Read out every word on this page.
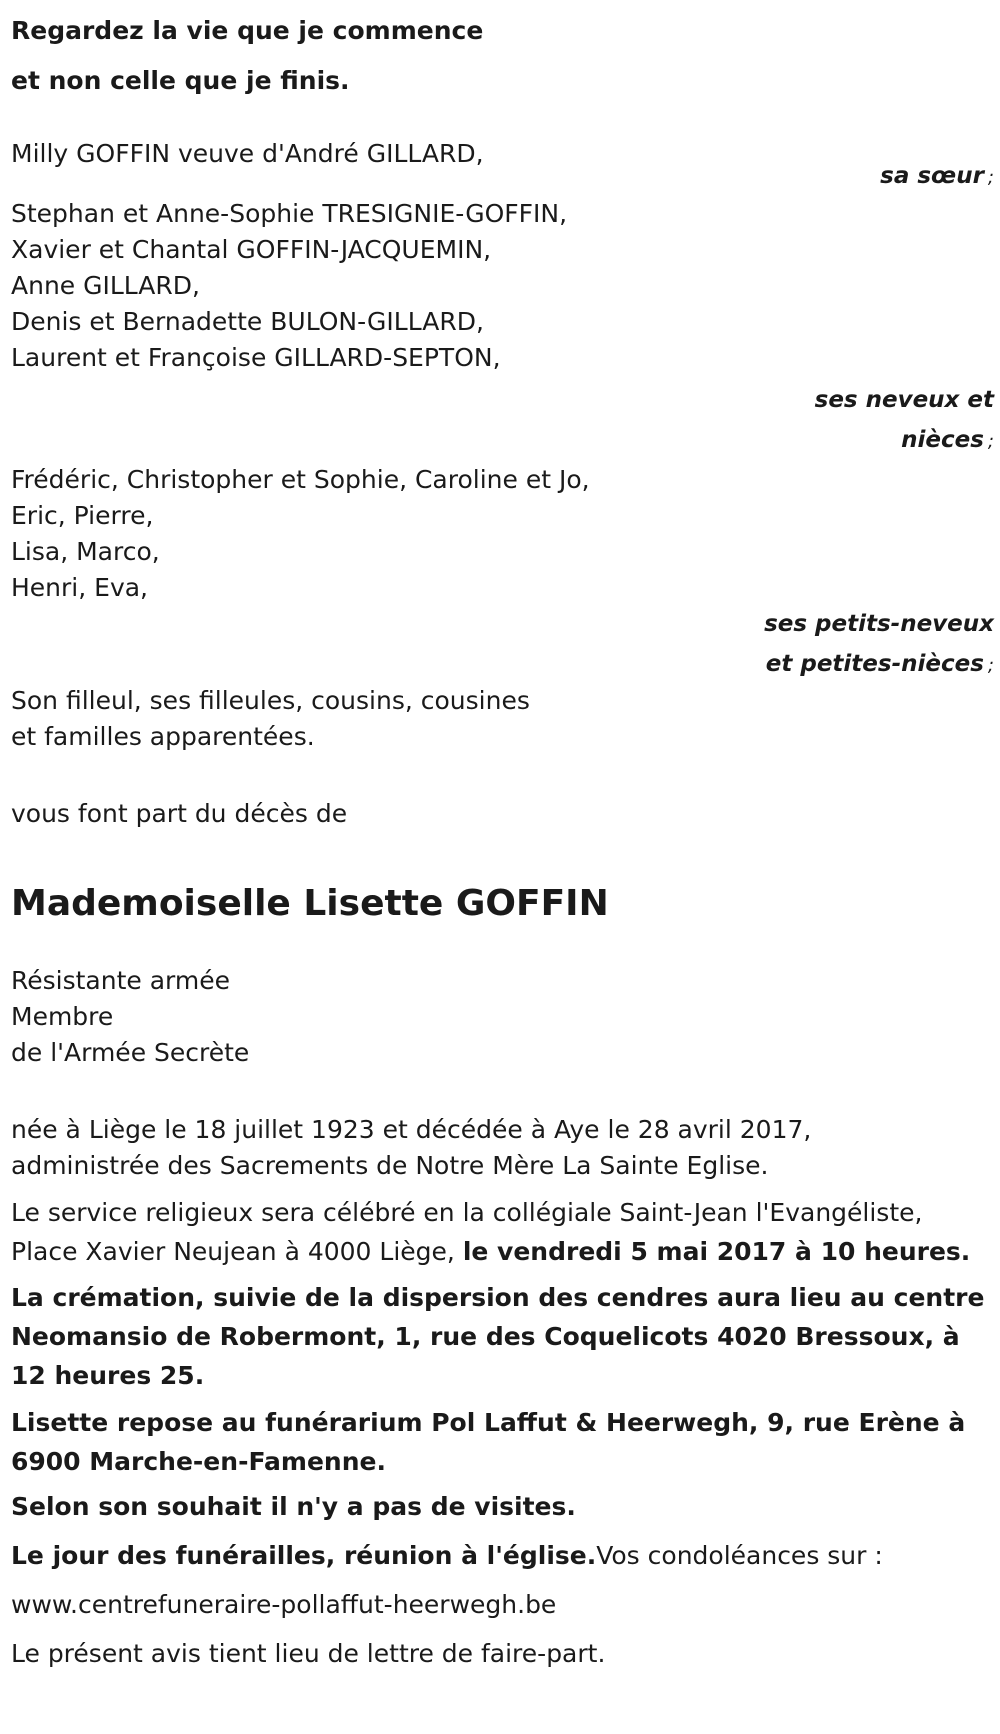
Regardez la vie que je commence
et non celle que je finis.
Milly GOFFIN veuve d'André GILLARD,
sa sœur ;
Stephan et Anne-Sophie TRESIGNIE-GOFFIN,
Xavier et Chantal GOFFIN-JACQUEMIN,
Anne GILLARD,
Denis et Bernadette BULON-GILLARD,
Laurent et Françoise GILLARD-SEPTON,
ses neveux et
nièces ;
Frédéric, Christopher et Sophie, Caroline et Jo,
Eric, Pierre,
Lisa, Marco,
Henri, Eva,
ses petits-neveux
et petites-nièces ;
Son filleul, ses filleules, cousins, cousines
et familles apparentées.
vous font part du décès de
Mademoiselle Lisette GOFFIN
Résistante armée
Membre
de l'Armée Secrète
née à Liège le 18 juillet 1923 et décédée à Aye le 28 avril 2017,
administrée des Sacrements de Notre Mère La Sainte Eglise.
Le service religieux sera célébré en la collégiale Saint-Jean l'Evangéliste, Place Xavier Neujean à 4000 Liège, le vendredi 5 mai 2017 à 10 heures.
La crémation, suivie de la dispersion des cendres aura lieu au centre Neomansio de Robermont, 1, rue des Coquelicots 4020 Bressoux, à 12 heures 25.
Lisette repose au funérarium Pol Laffut & Heerwegh, 9, rue Erène à 6900 Marche-en-Famenne.
Selon son souhait il n'y a pas de visites.
Le jour des funérailles, réunion à l'église.Vos condoléances sur :
www.centrefuneraire-pollaffut-heerwegh.be
Le présent avis tient lieu de lettre de faire-part.
